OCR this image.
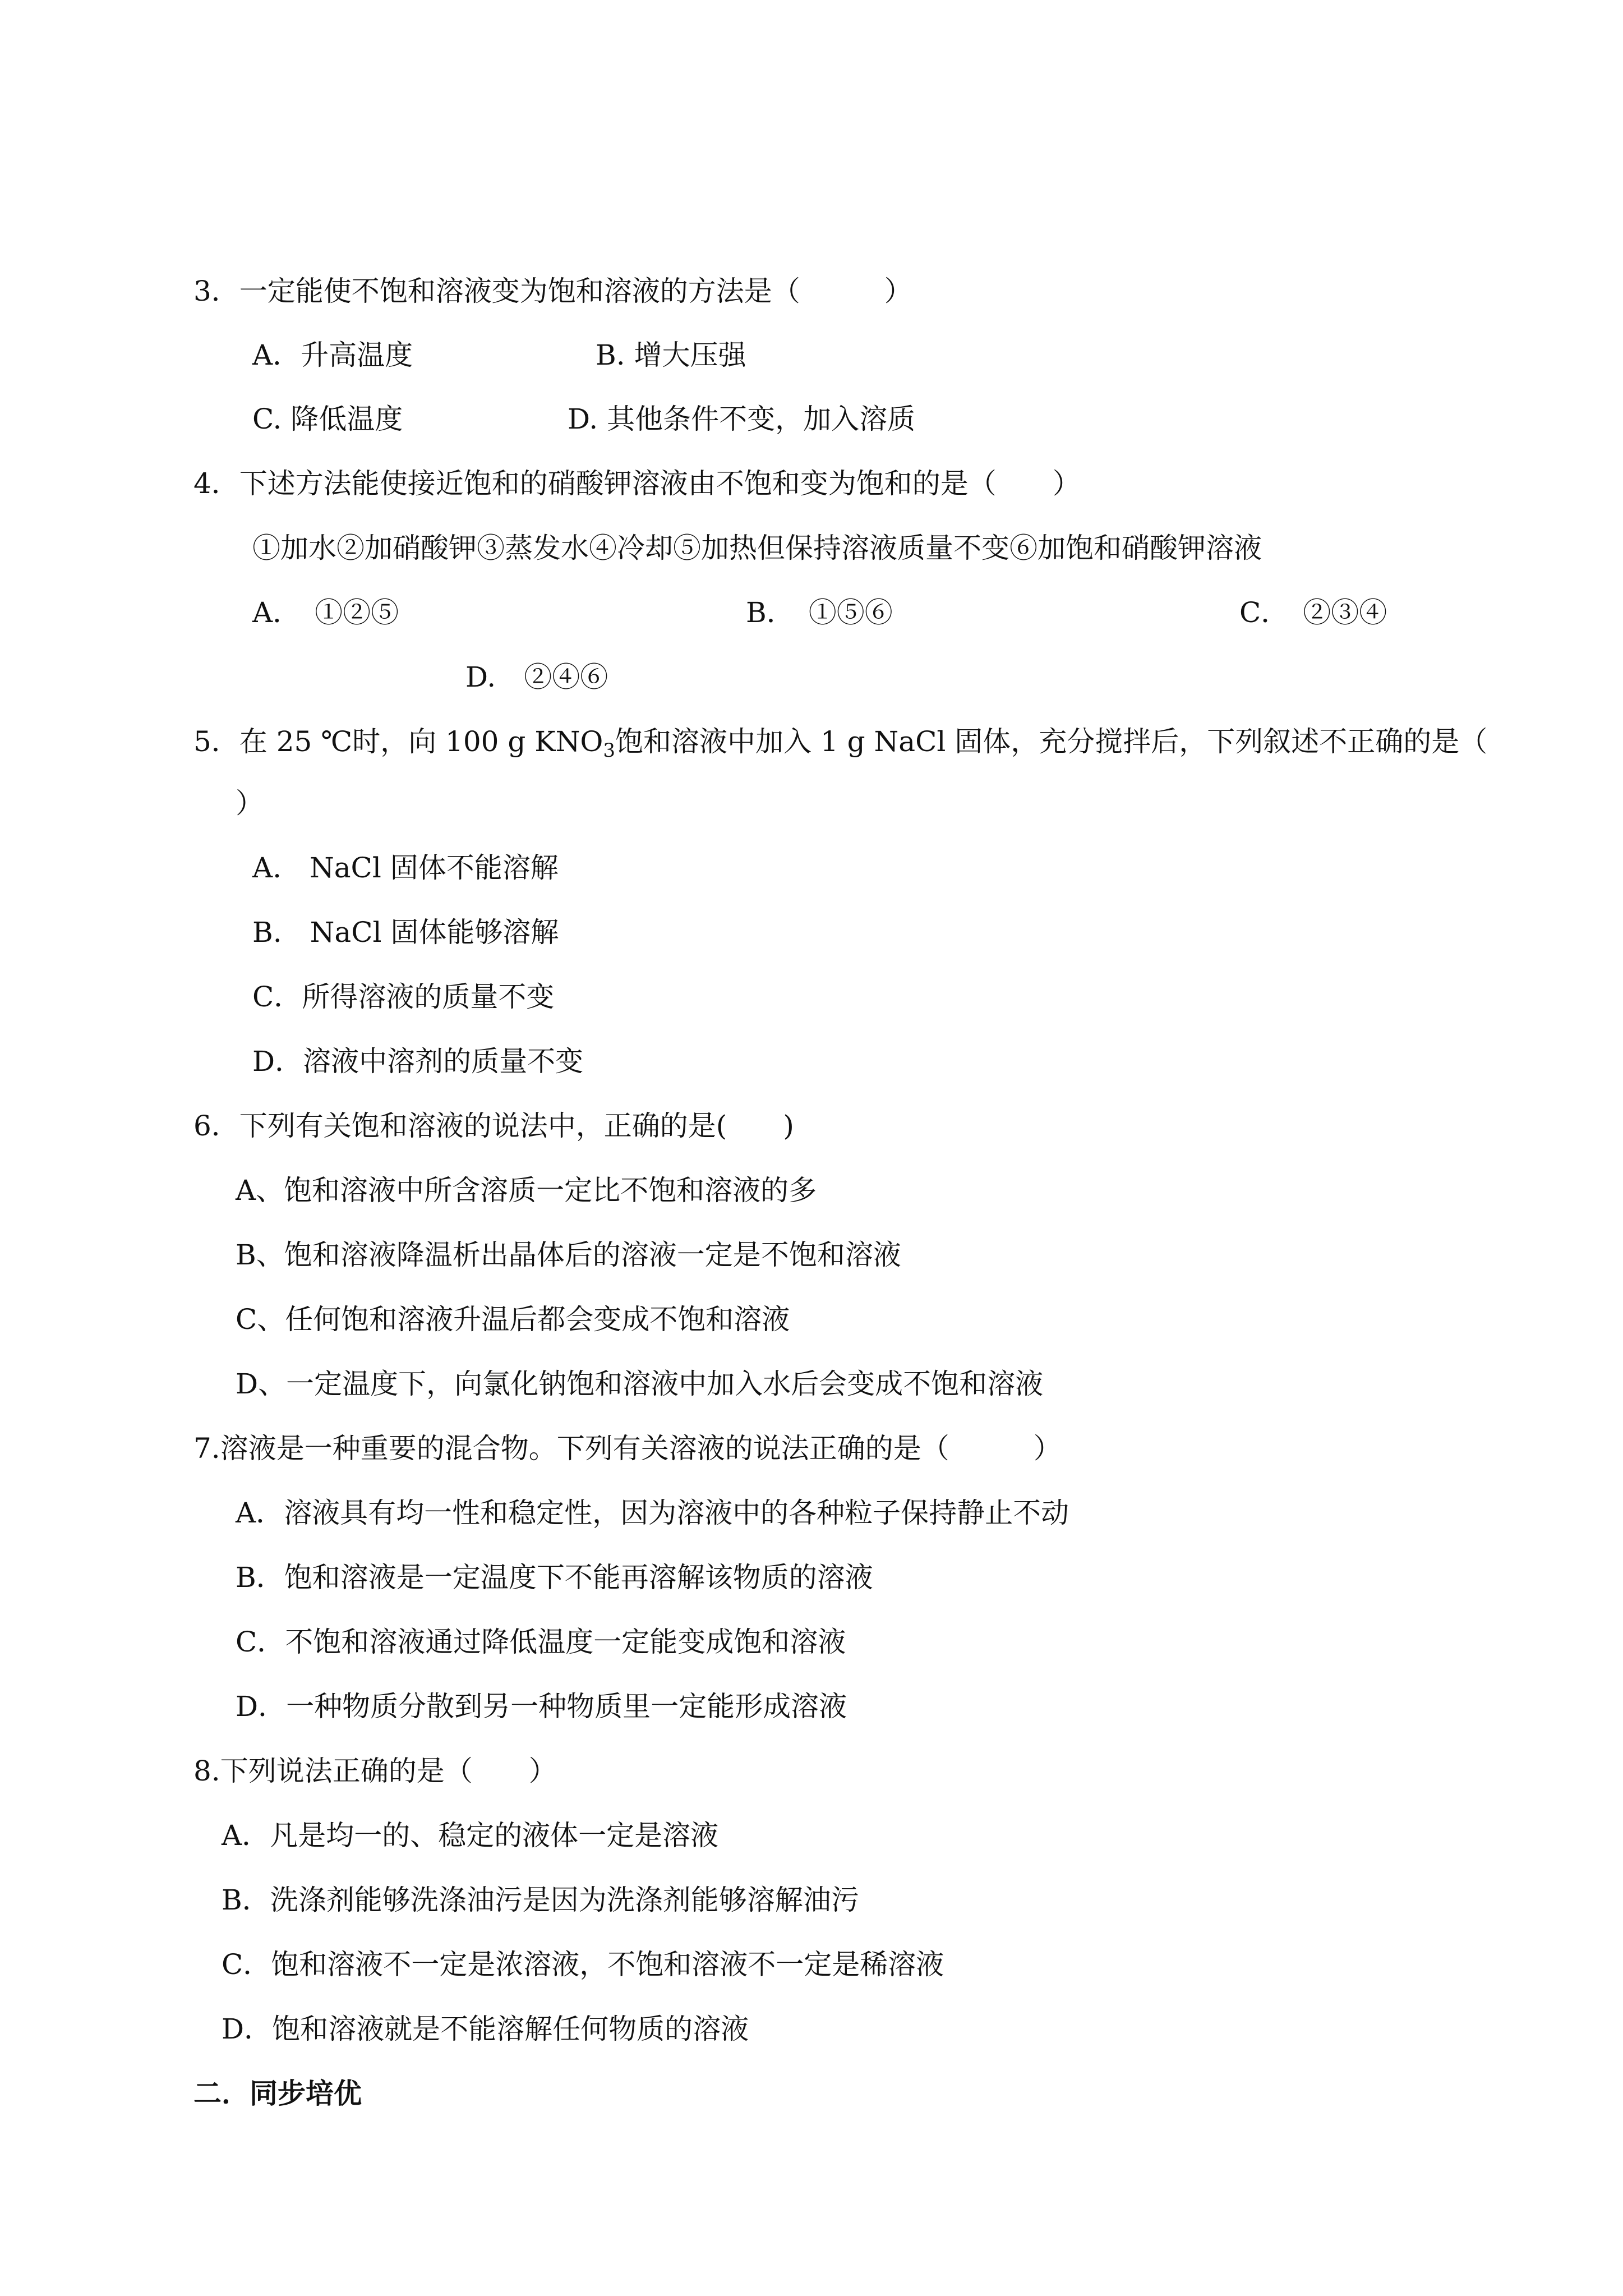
3．一定能使不饱和溶液变为饱和溶液的方法是（　　　）
A．升高温度	B. 增大压强
C. 降低温度	D. 其他条件不变，加入溶质
4．下述方法能使接近饱和的硝酸钾溶液由不饱和变为饱和的是（　　）
①加水②加硝酸钾③蒸发水④冷却⑤加热但保持溶液质量不变⑥加饱和硝酸钾溶液
A．　①②⑤	B．　①⑤⑥	C．　②③④
D.　②④⑥
5．在 25 ℃时，向 100 g $KNO_3$饱和溶液中加入 1 g NaCl 固体，充分搅拌后，下列叙述不正确的是（
）
A.　NaCl 固体不能溶解
B.　NaCl 固体能够溶解
C．所得溶液的质量不变
D．溶液中溶剂的质量不变
6．下列有关饱和溶液的说法中，正确的是(　　)
A、饱和溶液中所含溶质一定比不饱和溶液的多
B、饱和溶液降温析出晶体后的溶液一定是不饱和溶液
C、任何饱和溶液升温后都会变成不饱和溶液
D、一定温度下，向氯化钠饱和溶液中加入水后会变成不饱和溶液
7.溶液是一种重要的混合物。下列有关溶液的说法正确的是（　　　）
A．溶液具有均一性和稳定性，因为溶液中的各种粒子保持静止不动
B．饱和溶液是一定温度下不能再溶解该物质的溶液
C．不饱和溶液通过降低温度一定能变成饱和溶液
D．一种物质分散到另一种物质里一定能形成溶液
8.下列说法正确的是（　　）
A．凡是均一的、稳定的液体一定是溶液
B．洗涤剂能够洗涤油污是因为洗涤剂能够溶解油污
C．饱和溶液不一定是浓溶液，不饱和溶液不一定是稀溶液
D．饱和溶液就是不能溶解任何物质的溶液
二．同步培优
